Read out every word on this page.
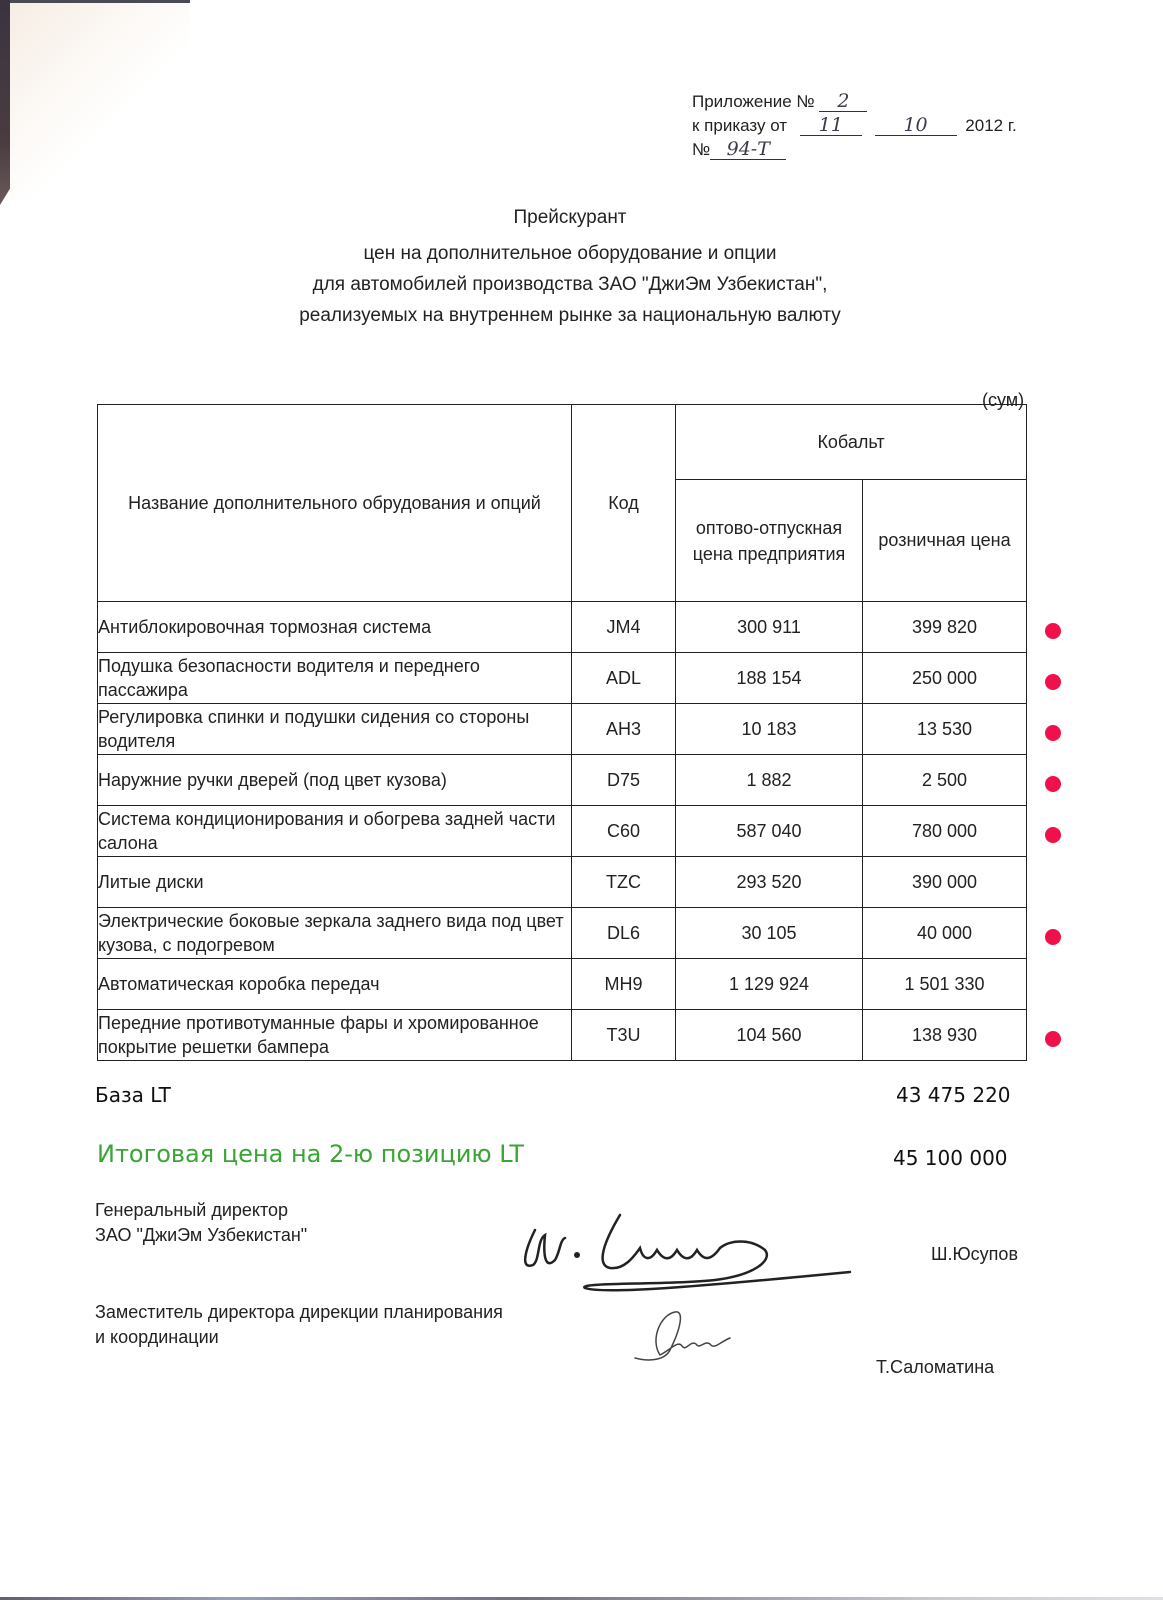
Приложение № 2
к приказу от 11	10 2012 г.
№ 94-Т
Прейскурант
цен на дополнительное оборудование и опции
для автомобилей производства ЗАО "ДжиЭм Узбекистан",
реализуемых на внутреннем рынке за национальную валюту
(сум)
Название дополнительного обрудования и опций	Код	Кобальт	
		оптово-отпускная цена предприятия	розничная цена
Антиблокировочная тормозная система	JM4	300 911	399 820
Подушка безопасности водителя и переднего пассажира	ADL	188 154	250 000
Регулировка спинки и подушки сидения со стороны водителя	AH3	10 183	13 530
Наружние ручки дверей (под цвет кузова)	D75	1 882	2 500
Система кондиционирования и обогрева задней части салона	C60	587 040	780 000
Литые диски	TZC	293 520	390 000
Электрические боковые зеркала заднего вида под цвет кузова, с подогревом	DL6	30 105	40 000
Автоматическая коробка передач	MH9	1 129 924	1 501 330
Передние противотуманные фары и хромированное покрытие решетки бампера	T3U	104 560	138 930
База LT	43 475 220
Итоговая цена на 2-ю позицию LT	45 100 000
Генеральный директор
ЗАО "ДжиЭм Узбекистан"
Ш.Юсупов
Заместитель директора дирекции планирования
и координации
Т.Саломатина
